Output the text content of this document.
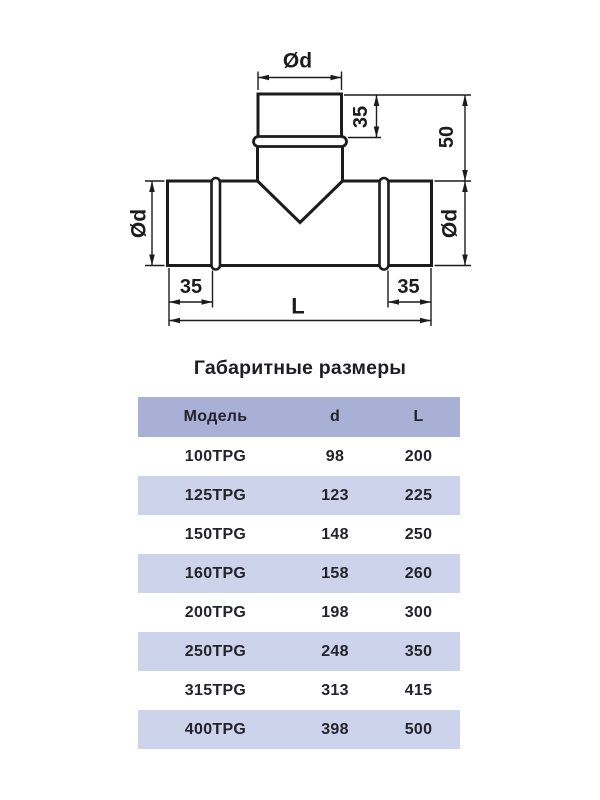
Ød
35
50
Ød
Ød
35	35
L
Габаритные размеры
Модель	d	L
100TPG	98	200
125TPG	123	225
150TPG	148	250
160TPG	158	260
200TPG	198	300
250TPG	248	350
315TPG	313	415
400TPG	398	500
